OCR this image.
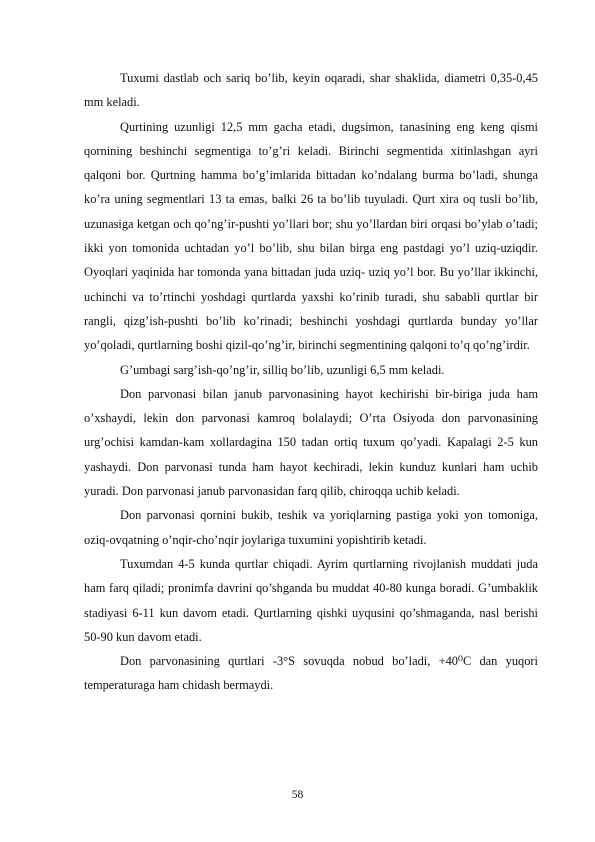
Tuxumi dastlab och sariq bo’lib, keyin oqaradi, shar shaklida, diametri 0,35-0,45 mm keladi.

Qurtining uzunligi 12,5 mm gacha etadi, dugsimon, tanasining eng keng qismi qornining beshinchi segmentiga to’g’ri keladi. Birinchi segmentida xitinlashgan ayri qalqoni bor. Qurtning hamma bo’g’imlarida bittadan ko’ndalang burma bo’ladi, shunga ko’ra uning segmentlari 13 ta emas, balki 26 ta bo’lib tuyuladi. Qurt xira oq tusli bo’lib, uzunasiga ketgan och qo’ng’ir-pushti yo’llari bor; shu yo’llardan biri orqasi bo’ylab o’tadi; ikki yon tomonida uchtadan yo’l bo’lib, shu bilan birga eng pastdagi yo’l uziq-uziqdir. Oyoqlari yaqinida har tomonda yana bittadan juda uziq- uziq yo’l bor. Bu yo’llar ikkinchi, uchinchi va to’rtinchi yoshdagi qurtlarda yaxshi ko’rinib turadi, shu sababli qurtlar bir rangli, qizg’ish-pushti bo’lib ko’rinadi; beshinchi yoshdagi qurtlarda bunday yo’llar yo’qoladi, qurtlarning boshi qizil-qo’ng’ir, birinchi segmentining qalqoni to’q qo’ng’irdir.

G’umbagi sarg’ish-qo’ng’ir, silliq bo’lib, uzunligi 6,5 mm keladi.

Don parvonasi bilan janub parvonasining hayot kechirishi bir-biriga juda ham o’xshaydi, lekin don parvonasi kamroq bolalaydi; O’rta Osiyoda don parvonasining urg’ochisi kamdan-kam xollardagina 150 tadan ortiq tuxum qo’yadi. Kapalagi 2-5 kun yashaydi. Don parvonasi tunda ham hayot kechiradi, lekin kunduz kunlari ham uchib yuradi. Don parvonasi janub parvonasidan farq qilib, chiroqqa uchib keladi.

Don parvonasi qornini bukib, teshik va yoriqlarning pastiga yoki yon tomoniga, oziq-ovqatning o’nqir-cho’nqir joylariga tuxumini yopishtirib ketadi.

Tuxumdan 4-5 kunda qurtlar chiqadi. Ayrim qurtlarning rivojlanish muddati juda ham farq qiladi; pronimfa davrini qo’shganda bu muddat 40-80 kunga boradi. G’umbaklik stadiyasi 6-11 kun davom etadi. Qurtlarning qishki uyqusini qo’shmaganda, nasl berishi 50-90 kun davom etadi.

Don parvonasining qurtlari -3°S sovuqda nobud bo’ladi, +40⁰C dan yuqori temperaturaga ham chidash bermaydi.

58
